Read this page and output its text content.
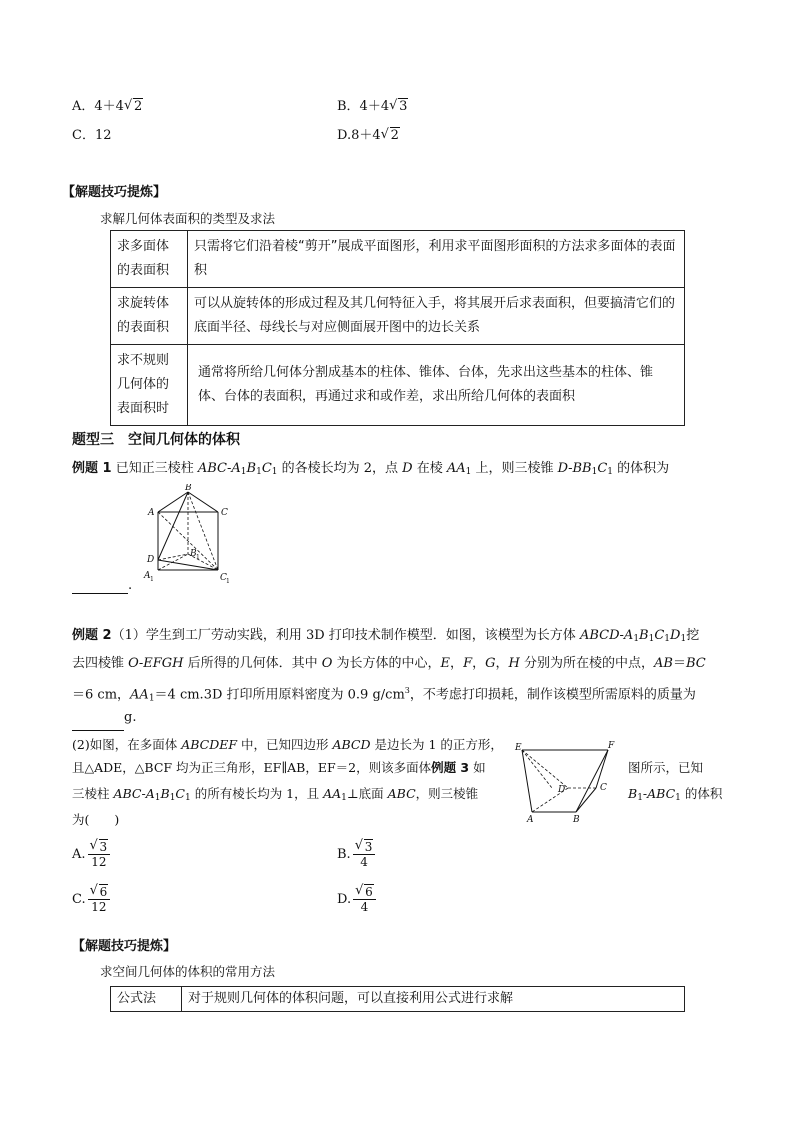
A．4＋4 √ 2	B．4＋4 √ 3
C．12	D.8＋4 √ 2
【解题技巧提炼】
求解几何体表面积的类型及求法
求多面体的表面积	只需将它们沿着棱“剪开”展成平面图形，利用求平面图形面积的方法求多面体的表面积

求旋转体的表面积	可以从旋转体的形成过程及其几何特征入手，将其展开后求表面积，但要搞清它们的底面半径、母线长与对应侧面展开图中的边长关系

求不规则几何体的表面积时	通常将所给几何体分割成基本的柱体、锥体、台体，先求出这些基本的柱体、锥体、台体的表面积，再通过求和或作差，求出所给几何体的表面积
题型三　空间几何体的体积
例题 1 已知正三棱柱 ABC-$A_1B_1C_1$ 的各棱长均为 2，点 D 在棱 $AA_1$ 上，则三棱锥 $D-BB_1C_1$ 的体积为
B
A	C
D
B 1
A 1	C 1
.
例题 2（1）学生到工厂劳动实践，利用 3D 打印技术制作模型．如图，该模型为长方体 ABCD-$A_1B_1C_1D_1$挖
去四棱锥 O-EFGH 后所得的几何体．其中 O 为长方体的中心，E，F，G，H 分别为所在棱的中点，AB＝BC
＝6 cm，$AA_1=4$ cm.3D 打印所用原料密度为 0.9 $g/cm^3$，不考虑打印损耗，制作该模型所需原料的质量为
g.
(2)如图，在多面体 ABCDEF 中，已知四边形 ABCD 是边长为 1 的正方形，
且△ADE，△BCF 均为正三角形，EF∥AB，EF＝2，则该多面体例题 3 如	图所示，已知
三棱柱 ABC-$A_1B_1C_1$ 的所有棱长均为 1，且 $AA_1\perp$底面 ABC，则三棱锥	$B_1-ABC_1$ 的体积
为(　　)
E	F
D	C
A	B
A. √ $\frac{3}{12}$	B. √ $\frac{3}{4}$
C. √ $\frac{6}{12}$	D. √ $\frac{6}{4}$
【解题技巧提炼】
求空间几何体的体积的常用方法
公式法	对于规则几何体的体积问题，可以直接利用公式进行求解
